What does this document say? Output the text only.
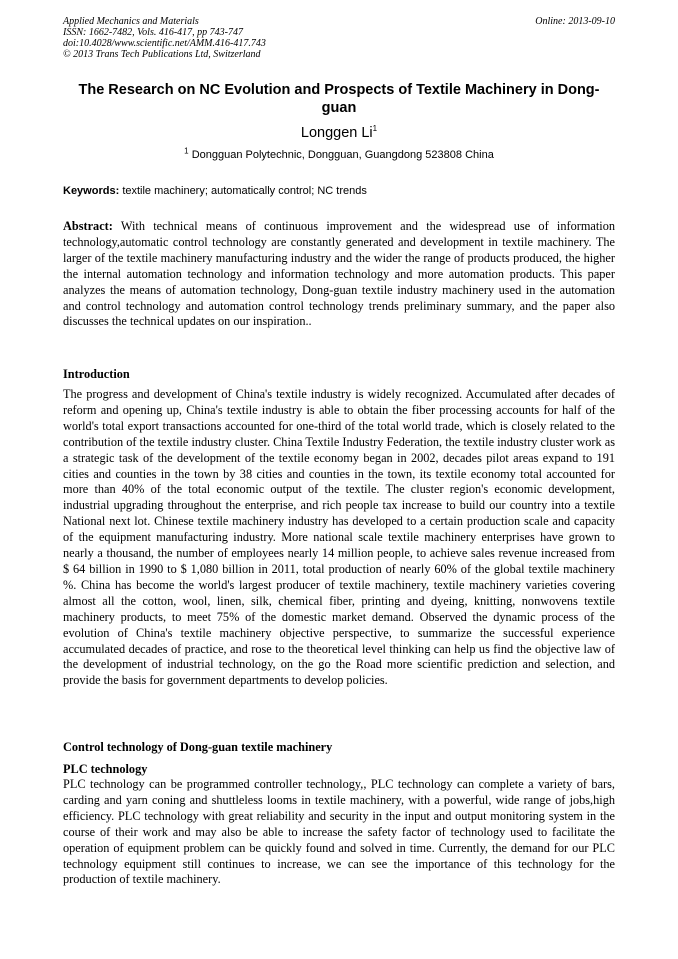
Applied Mechanics and Materials
ISSN: 1662-7482, Vols. 416-417, pp 743-747
doi:10.4028/www.scientific.net/AMM.416-417.743
© 2013 Trans Tech Publications Ltd, Switzerland
Online: 2013-09-10
The Research on NC Evolution and Prospects of Textile Machinery in Dong-guan
Longgen Li$^1$
$^1$ Dongguan Polytechnic, Dongguan, Guangdong 523808 China
Keywords: textile machinery; automatically control; NC trends
Abstract: With technical means of continuous improvement and the widespread use of information technology,automatic control technology are constantly generated and development in textile machinery. The larger of the textile machinery manufacturing industry and the wider the range of products produced, the higher the internal automation technology and information technology and more automation products. This paper analyzes the means of automation technology, Dong-guan textile industry machinery used in the automation and control technology and automation control technology trends preliminary summary, and the paper also discusses the technical updates on our inspiration..
Introduction
The progress and development of China's textile industry is widely recognized. Accumulated after decades of reform and opening up, China's textile industry is able to obtain the fiber processing accounts for half of the world's total export transactions accounted for one-third of the total world trade, which is closely related to the contribution of the textile industry cluster. China Textile Industry Federation, the textile industry cluster work as a strategic task of the development of the textile economy began in 2002, decades pilot areas expand to 191 cities and counties in the town by 38 cities and counties in the town, its textile economy total accounted for more than 40% of the total economic output of the textile. The cluster region's economic development, industrial upgrading throughout the enterprise, and rich people tax increase to build our country into a textile National next lot. Chinese textile machinery industry has developed to a certain production scale and capacity of the equipment manufacturing industry. More national scale textile machinery enterprises have grown to nearly a thousand, the number of employees nearly 14 million people, to achieve sales revenue increased from $ 64 billion in 1990 to $ 1,080 billion in 2011, total production of nearly 60% of the global textile machinery %. China has become the world's largest producer of textile machinery, textile machinery varieties covering almost all the cotton, wool, linen, silk, chemical fiber, printing and dyeing, knitting, nonwovens textile machinery products, to meet 75% of the domestic market demand. Observed the dynamic process of the evolution of China's textile machinery objective perspective, to summarize the successful experience accumulated decades of practice, and rose to the theoretical level thinking can help us find the objective law of the development of industrial technology, on the go the Road more scientific prediction and selection, and provide the basis for government departments to develop policies.
Control technology of Dong-guan textile machinery
PLC technology
PLC technology can be programmed controller technology,, PLC technology can complete a variety of bars, carding and yarn coning and shuttleless looms in textile machinery, with a powerful, wide range of jobs,high efficiency. PLC technology with great reliability and security in the input and output monitoring system in the course of their work and may also be able to increase the safety factor of technology used to facilitate the operation of equipment problem can be quickly found and solved in time. Currently, the demand for our PLC technology equipment still continues to increase, we can see the importance of this technology for the production of textile machinery.
